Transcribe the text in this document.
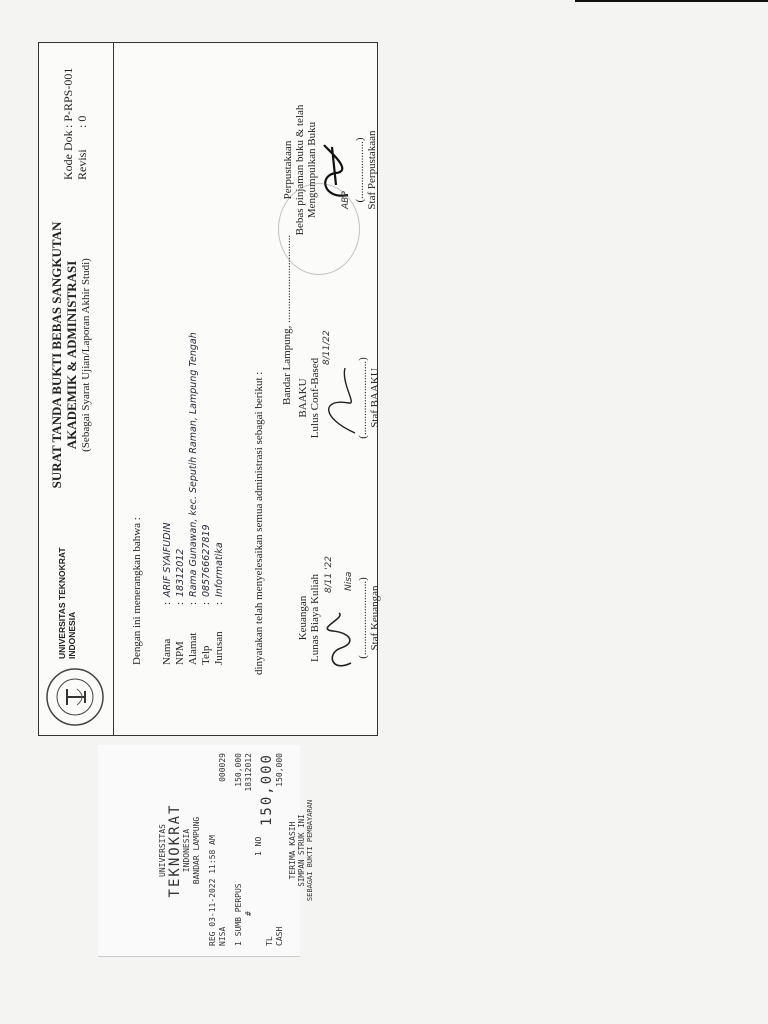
UNIVERSITAS TEKNOKRAT INDONESIA
SURAT TANDA BUKTI BEBAS SANGKUTAN AKADEMIK & ADMINISTRASI (Sebagai Syarat Ujian/Laporan Akhir Studi)
Kode Dok: P-RPS-001
Revisi: 0
Dengan ini menerangkan bahwa : Nama
:
ARIF SYAIFUDIN
NPM
:
18312012
Alamat
:
Rama Gunawan, kec. Seputih Raman, Lampung Tengah
Telp
:
085766627819
Jurusan
:
Informatika	dinyatakan telah menyelesaikan semua administrasi sebagai berikut :
Bandar Lampung, ................................
Keuangan Lunas Biaya Kuliah 8/11 '22 Nisa (...........................) Staf Keuangan
BAAKU Lulus Conf-Based
8/11/22
(...........................) Staf BAAKU
Perpustakaan Bebas pinjaman buku & telah Mengumpulkan Buku	ABP (.....................) Staf Perpustakaan
UNIVERSITAS TEKNOKRAT INDONESIA BANDAR LAMPUNG REG 03-11-2022 11:58 AM NISA
000029
1 SUMB PERPUS
150,000
#
18312012
1 NO
TL
150,000
CASH
150,000
TERIMA KASIH SIMPAN STRUK INI SEBAGAI BUKTI PEMBAYARAN
